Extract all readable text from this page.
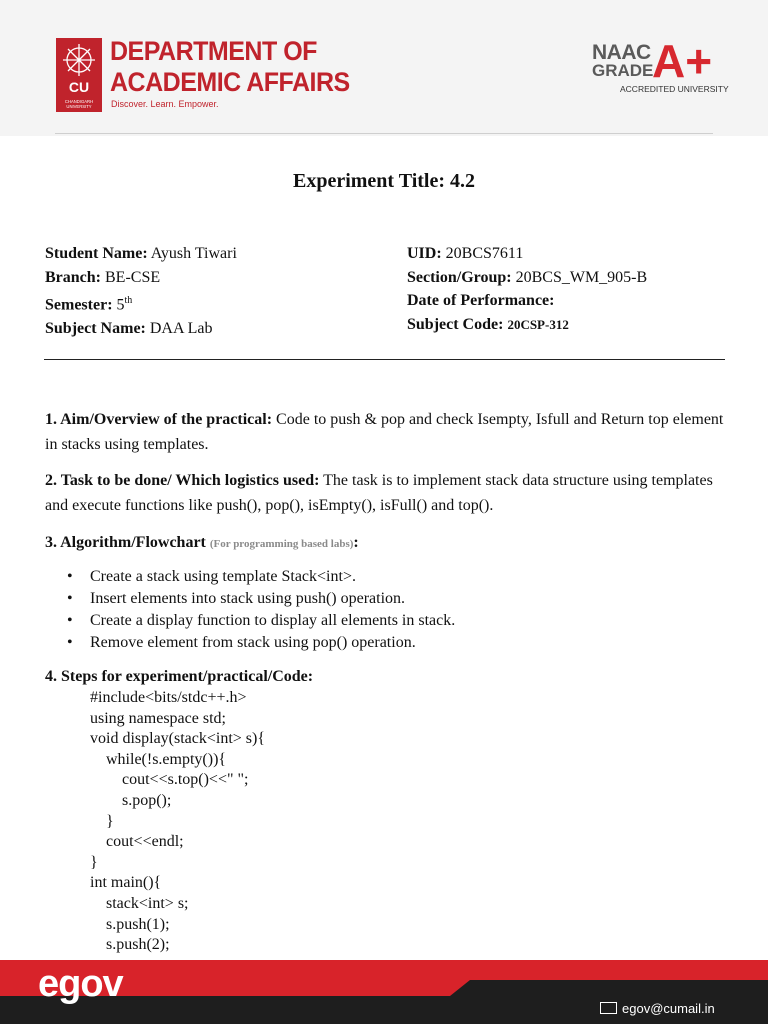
CU
CHANDIGARH
UNIVERSITY
DEPARTMENT OF
ACADEMIC AFFAIRS
Discover. Learn. Empower.
NAAC
GRADE
A+
ACCREDITED UNIVERSITY
Experiment Title: 4.2
Student Name: Ayush Tiwari
Branch: BE-CSE
Semester: 5th
Subject Name: DAA Lab
UID: 20BCS7611
Section/Group: 20BCS_WM_905-B
Date of Performance:
Subject Code: 20CSP-312
1. Aim/Overview of the practical: Code to push & pop and check Isempty, Isfull and Return top element in stacks using templates.
2. Task to be done/ Which logistics used: The task is to implement stack data structure using templates and execute functions like push(), pop(), isEmpty(), isFull() and top().
3. Algorithm/Flowchart (For programming based labs):
• Create a stack using template Stack<int>.
• Insert elements into stack using push() operation.
• Create a display function to display all elements in stack.
• Remove element from stack using pop() operation.
4. Steps for experiment/practical/Code:
#include<bits/stdc++.h>
using namespace std;
void display(stack<int> s){
while(!s.empty()){
cout<<s.top()<<" ";
s.pop();
}
cout<<endl;
}
int main(){
stack<int> s;
s.push(1);
s.push(2);
egov
egov@cumail.in
